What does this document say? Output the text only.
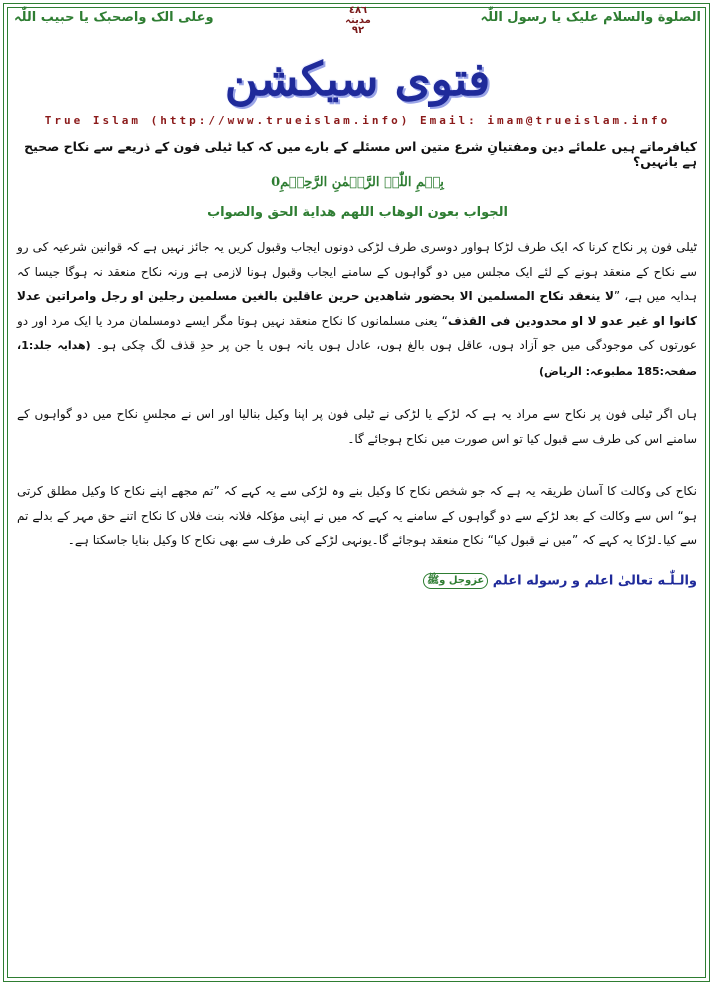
الصلوة والسلام علیک یا رسول اللّٰہ
وعلی الک واصحبک یا حبیب اللّٰہ	٤٨٦
مدینہ
٩٢
فتوی سیکشن
True Islam (http://www.trueislam.info) Email: imam@trueislam.info
کیافرماتے ہیں علمائے دین ومفتیانِ شرع متین اس مسئلے کے بارے میں کہ کیا ٹیلی فون کے ذریعے سے نکاح صحیح ہے یانہیں؟
بِسۡمِ اللّٰہِ الرَّحۡمٰنِ الرَّحِیۡمِ0
الجواب بعون الوهاب اللهم هداية الحق والصواب
ٹیلی فون پر نکاح کرنا کہ ایک طرف لڑکا ہواور دوسری طرف لڑکی دونوں ایجاب وقبول کریں یہ جائز نہیں ہے کہ قوانین شرعیہ کی رو سے نکاح کے منعقد ہونے کے لئے ایک مجلس میں دو گواہوں کے سامنے ایجاب وقبول ہونا لازمی ہے ورنہ نکاح منعقد نہ ہوگا جیسا کہ ہدایہ میں ہے، ”لا ينعقد نكاح المسلمين الا بحضور شاهدين حرين عاقلين بالغين مسلمين رجلين او رجل وامراتين عدلا كانوا او غير عدو لا او محدودين فى القذف“ یعنی مسلمانوں کا نکاح منعقد نہیں ہوتا مگر ایسے دومسلمان مرد یا ایک مرد اور دو عورتوں کی موجودگی میں جو آزاد ہوں، عاقل ہوں بالغ ہوں، عادل ہوں یانہ ہوں یا جن پر حدِ قذف لگ چکی ہو۔ (ھدایہ جلد:1، صفحہ:185 مطبوعہ: الریاض)
ہاں اگر ٹیلی فون پر نکاح سے مراد یہ ہے کہ لڑکے یا لڑکی نے ٹیلی فون پر اپنا وکیل بنالیا اور اس نے مجلسِ نکاح میں دو گواہوں کے سامنے اس کی طرف سے قبول کیا تو اس صورت میں نکاح ہوجائے گا۔
نکاح کی وکالت کا آسان طریقہ یہ ہے کہ جو شخص نکاح کا وکیل بنے وہ لڑکی سے یہ کہے کہ ”تم مجھے اپنے نکاح کا وکیل مطلق کرتی ہو“ اس سے وکالت کے بعد لڑکے سے دو گواہوں کے سامنے یہ کہے کہ میں نے اپنی مؤکلہ فلانہ بنت فلاں کا نکاح اتنے حق مہر کے بدلے تم سے کیا۔لڑکا یہ کہے کہ ”میں نے قبول کیا“ نکاح منعقد ہوجائے گا۔یونہی لڑکے کی طرف سے بھی نکاح کا وکیل بنایا جاسکتا ہے۔
والـلّٰـه تعالیٰ اعلم و رسوله اعلم عزوجل وﷺ
